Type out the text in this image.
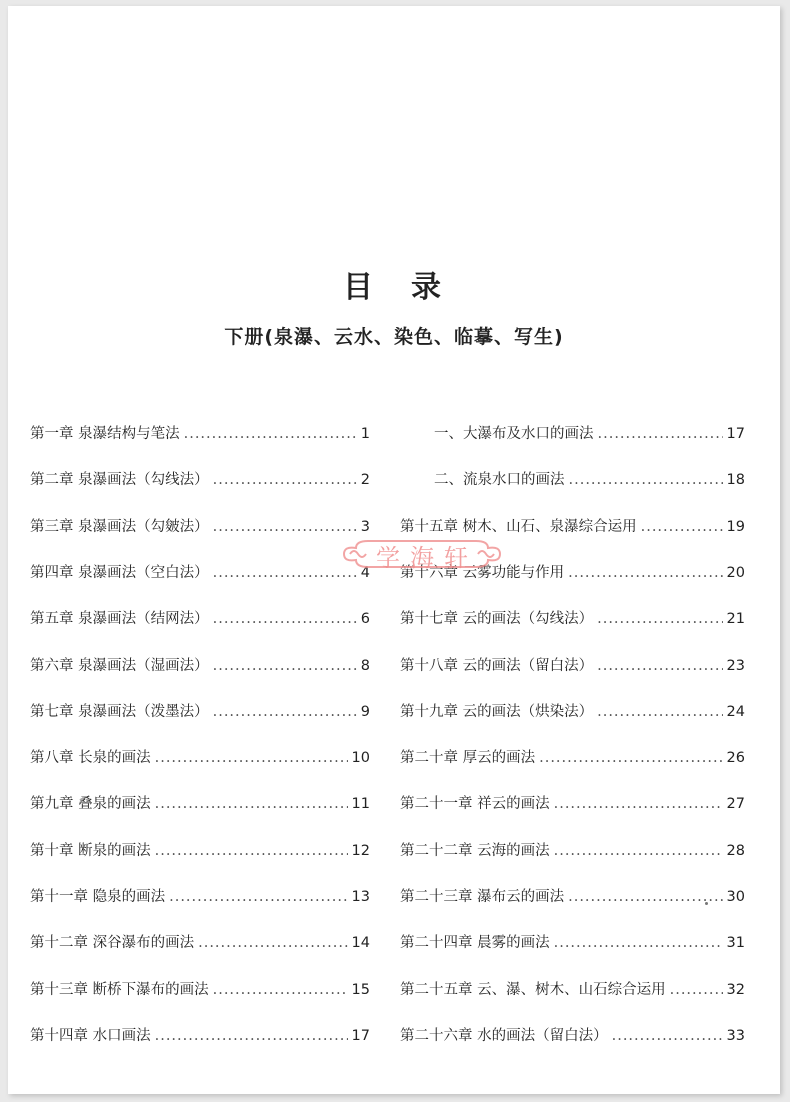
目　录
下册(泉瀑、云水、染色、临摹、写生)
第一章 泉瀑结构与笔法 .....	1
第二章 泉瀑画法（勾线法） .....	2
第三章 泉瀑画法（勾皴法） .....	3
第四章 泉瀑画法（空白法） .....	4
第五章 泉瀑画法（结网法） .....	6
第六章 泉瀑画法（湿画法） .....	8
第七章 泉瀑画法（泼墨法） .....	9
第八章 长泉的画法 .....	10
第九章 叠泉的画法 .....	11
第十章 断泉的画法 .....	12
第十一章 隐泉的画法 .....	13
第十二章 深谷瀑布的画法 .....	14
第十三章 断桥下瀑布的画法 .....	15
第十四章 水口画法 .....	17
一、大瀑布及水口的画法 .....	17
二、流泉水口的画法 .....	18
第十五章 树木、山石、泉瀑综合运用 .....	19
第十六章 云雾功能与作用 .....	20
第十七章 云的画法（勾线法） .....	21
第十八章 云的画法（留白法） .....	23
第十九章 云的画法（烘染法） .....	24
第二十章 厚云的画法 .....	26
第二十一章 祥云的画法 .....	27
第二十二章 云海的画法 .....	28
第二十三章 瀑布云的画法 .....	30
第二十四章 晨雾的画法 .....	31
第二十五章 云、瀑、树木、山石综合运用 .....	32
第二十六章 水的画法（留白法） .....	33
学海轩
